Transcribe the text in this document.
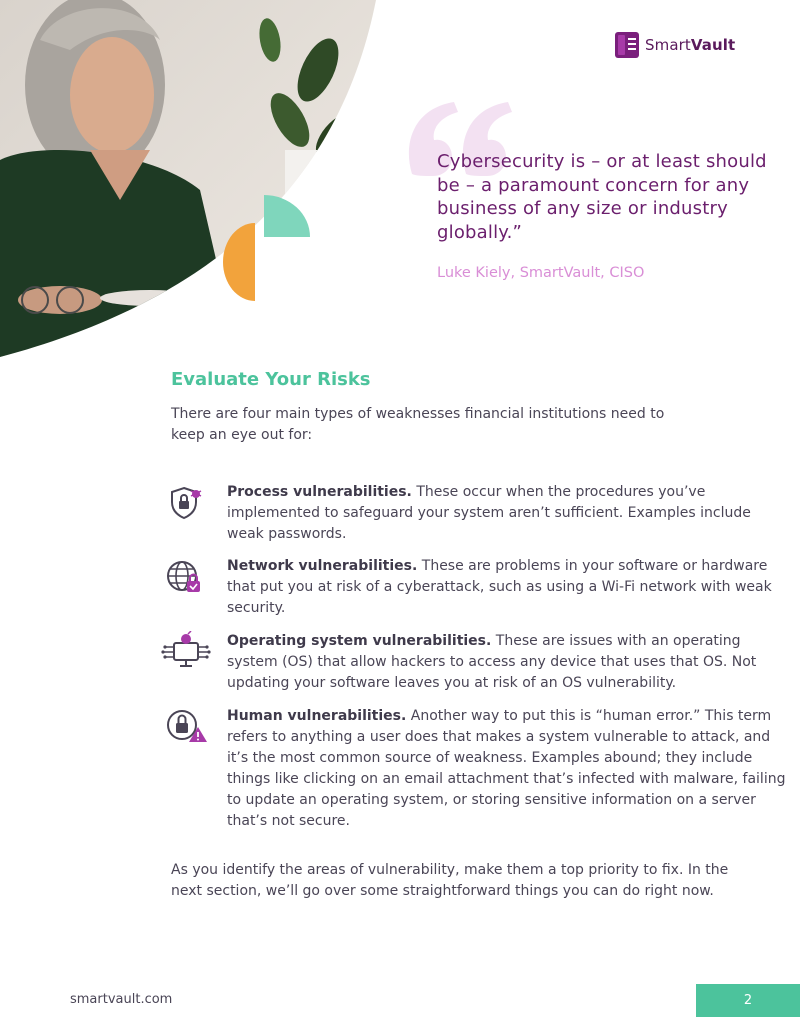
SmartVault
Cybersecurity is – or at least should be – a paramount concern for any business of any size or industry globally.”
Luke Kiely, SmartVault, CISO
Evaluate Your Risks
There are four main types of weaknesses financial institutions need to keep an eye out for:
Process vulnerabilities. These occur when the procedures you’ve implemented to safeguard your system aren’t sufficient. Examples include weak passwords.
Network vulnerabilities. These are problems in your software or hardware that put you at risk of a cyberattack, such as using a Wi-Fi network with weak security.
Operating system vulnerabilities. These are issues with an operating system (OS) that allow hackers to access any device that uses that OS. Not updating your software leaves you at risk of an OS vulnerability.
Human vulnerabilities. Another way to put this is “human error.” This term refers to anything a user does that makes a system vulnerable to attack, and it’s the most common source of weakness. Examples abound; they include things like clicking on an email attachment that’s infected with malware, failing to update an operating system, or storing sensitive information on a server that’s not secure.
As you identify the areas of vulnerability, make them a top priority to fix. In the next section, we’ll go over some straightforward things you can do right now.
smartvault.com	2
